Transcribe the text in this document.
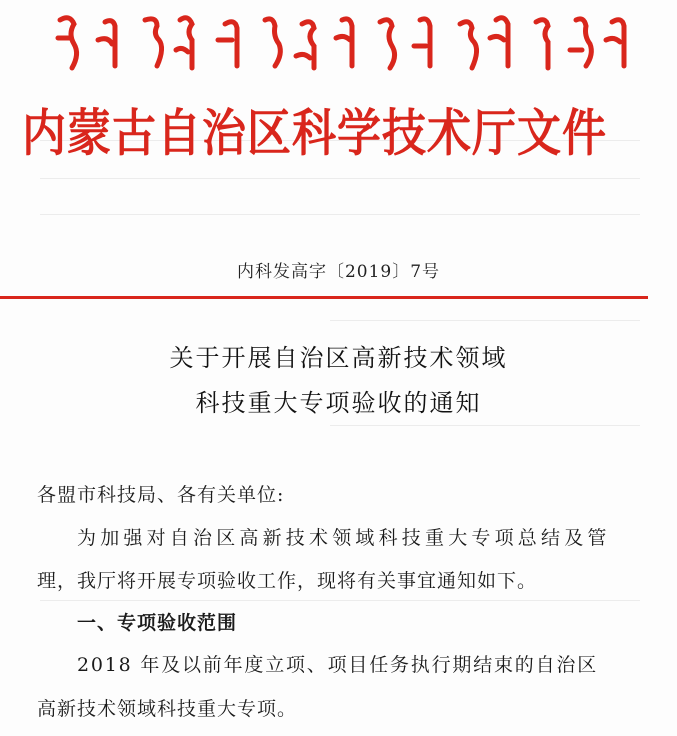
内蒙古自治区科学技术厅文件
内科发高字〔2019〕7号
关于开展自治区高新技术领域
科技重大专项验收的通知
各盟市科技局、各有关单位:
为加强对自治区高新技术领域科技重大专项总结及管
理，我厅将开展专项验收工作，现将有关事宜通知如下。
一、专项验收范围
2018 年及以前年度立项、项目任务执行期结束的自治区
高新技术领域科技重大专项。
